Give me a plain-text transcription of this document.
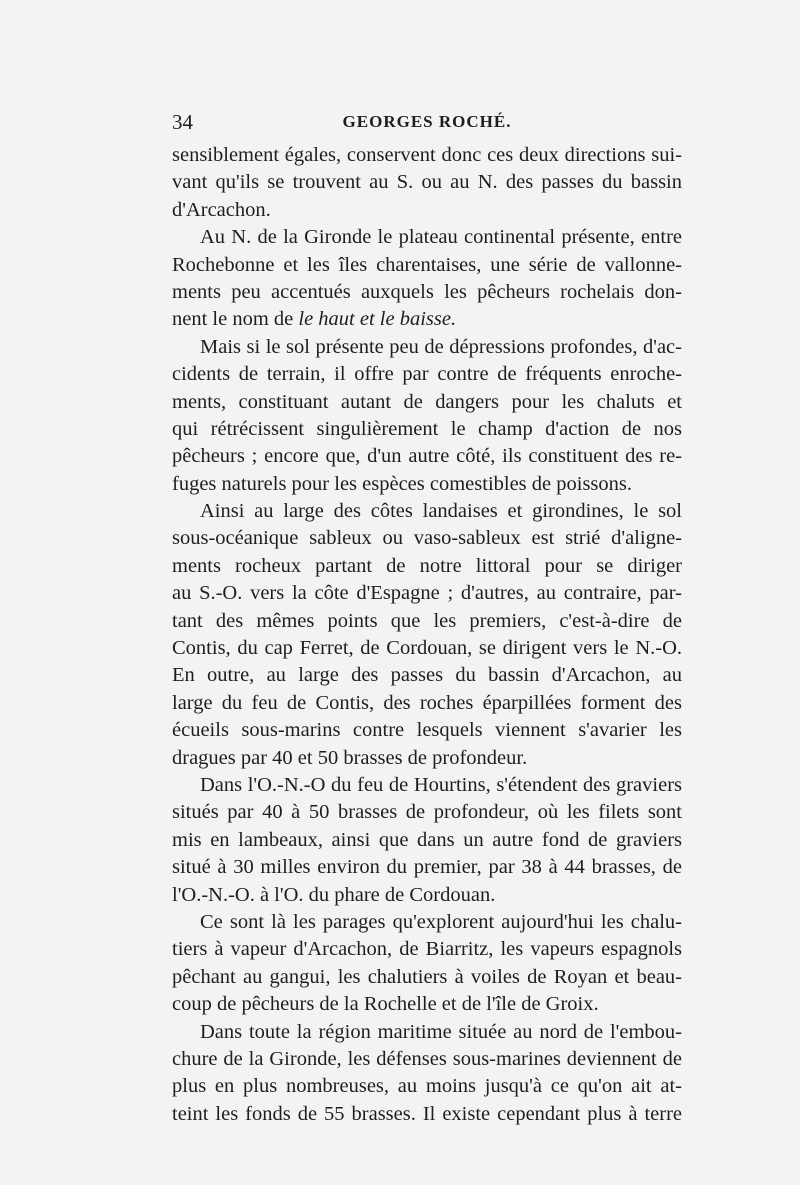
34	GEORGES ROCHÉ.
sensiblement égales, conservent donc ces deux directions sui-
vant qu'ils se trouvent au S. ou au N. des passes du bassin
d'Arcachon.
Au N. de la Gironde le plateau continental présente, entre
Rochebonne et les îles charentaises, une série de vallonne-
ments peu accentués auxquels les pêcheurs rochelais don-
nent le nom de le haut et le baisse.
Mais si le sol présente peu de dépressions profondes, d'ac-
cidents de terrain, il offre par contre de fréquents enroche-
ments, constituant autant de dangers pour les chaluts et
qui rétrécissent singulièrement le champ d'action de nos
pêcheurs ; encore que, d'un autre côté, ils constituent des re-
fuges naturels pour les espèces comestibles de poissons.
Ainsi au large des côtes landaises et girondines, le sol
sous-océanique sableux ou vaso-sableux est strié d'aligne-
ments rocheux partant de notre littoral pour se diriger
au S.-O. vers la côte d'Espagne ; d'autres, au contraire, par-
tant des mêmes points que les premiers, c'est-à-dire de
Contis, du cap Ferret, de Cordouan, se dirigent vers le N.-O.
En outre, au large des passes du bassin d'Arcachon, au
large du feu de Contis, des roches éparpillées forment des
écueils sous-marins contre lesquels viennent s'avarier les
dragues par 40 et 50 brasses de profondeur.
Dans l'O.-N.-O du feu de Hourtins, s'étendent des graviers
situés par 40 à 50 brasses de profondeur, où les filets sont
mis en lambeaux, ainsi que dans un autre fond de graviers
situé à 30 milles environ du premier, par 38 à 44 brasses, de
l'O.-N.-O. à l'O. du phare de Cordouan.
Ce sont là les parages qu'explorent aujourd'hui les chalu-
tiers à vapeur d'Arcachon, de Biarritz, les vapeurs espagnols
pêchant au gangui, les chalutiers à voiles de Royan et beau-
coup de pêcheurs de la Rochelle et de l'île de Groix.
Dans toute la région maritime située au nord de l'embou-
chure de la Gironde, les défenses sous-marines deviennent de
plus en plus nombreuses, au moins jusqu'à ce qu'on ait at-
teint les fonds de 55 brasses. Il existe cependant plus à terre
